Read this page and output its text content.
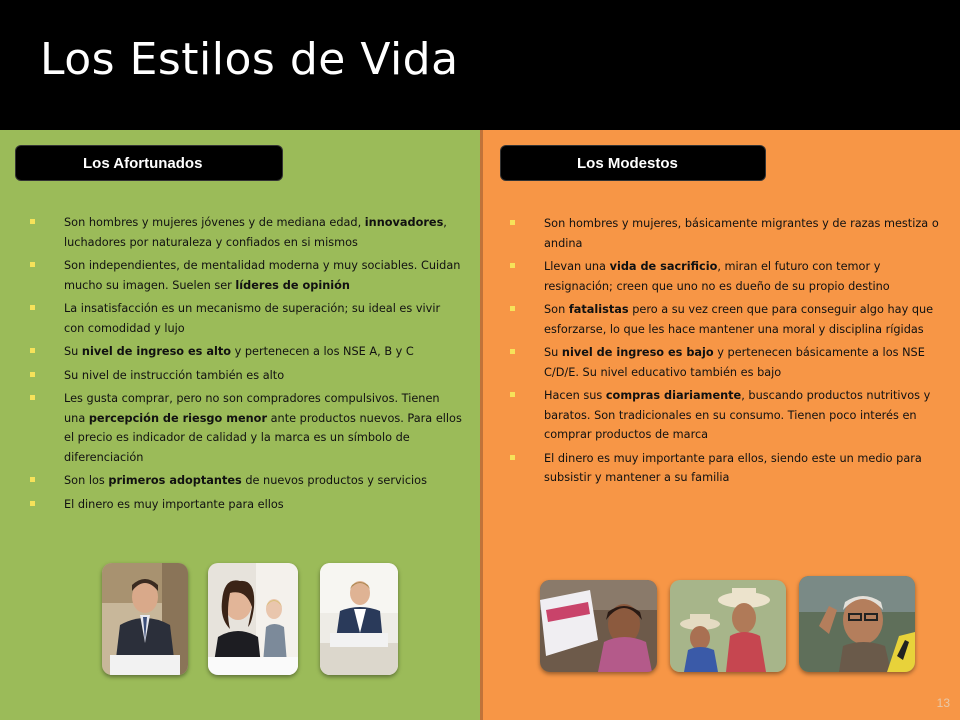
Los Estilos de Vida
Los Afortunados
Son hombres y mujeres jóvenes y de mediana edad, innovadores, luchadores por naturaleza y confiados en si mismos
Son independientes, de mentalidad moderna y muy sociables. Cuidan mucho su imagen. Suelen ser líderes de opinión
La insatisfacción es un mecanismo de superación; su ideal es vivir con comodidad y lujo
Su nivel de ingreso es alto y pertenecen a los NSE A, B y C
Su nivel de instrucción también es alto
Les gusta comprar, pero no son compradores compulsivos. Tienen una percepción de riesgo menor ante productos nuevos. Para ellos el precio es indicador de calidad y la marca es un símbolo de diferenciación
Son los primeros adoptantes de nuevos productos y servicios
El dinero es muy importante para ellos
Los Modestos
Son hombres y mujeres, básicamente migrantes y de razas mestiza o andina
Llevan una vida de sacrificio, miran el futuro con temor y resignación; creen que uno no es dueño de su propio destino
Son fatalistas pero a su vez creen que para conseguir algo hay que esforzarse, lo que les hace mantener una moral y disciplina rígidas
Su nivel de ingreso es bajo y pertenecen básicamente a los NSE C/D/E. Su nivel educativo también es bajo
Hacen sus compras diariamente, buscando productos nutritivos y baratos. Son tradicionales en su consumo. Tienen poco interés en comprar productos de marca
El dinero es muy importante para ellos, siendo este un medio para subsistir y mantener a su familia
13
